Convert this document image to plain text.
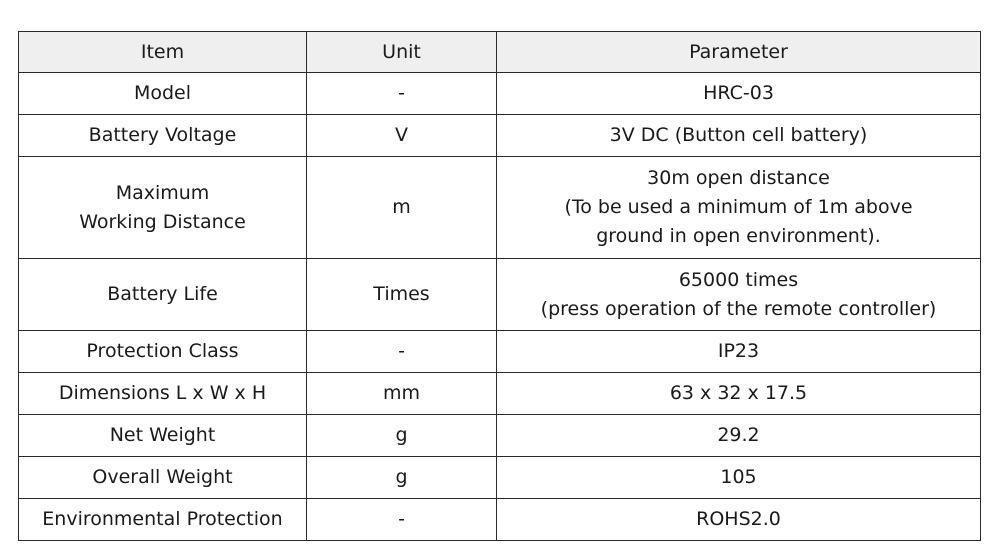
Item	Unit	Parameter

Model	-	HRC-03

Battery Voltage	V	3V DC (Button cell battery)

Maximum
Working Distance	m	30m open distance
(To be used a minimum of 1m above
ground in open environment).

Battery Life	Times	65000 times
(press operation of the remote controller)

Protection Class	-	IP23

Dimensions L x W x H	mm	63 x 32 x 17.5

Net Weight	g	29.2

Overall Weight	g	105

Environmental Protection	-	ROHS2.0
